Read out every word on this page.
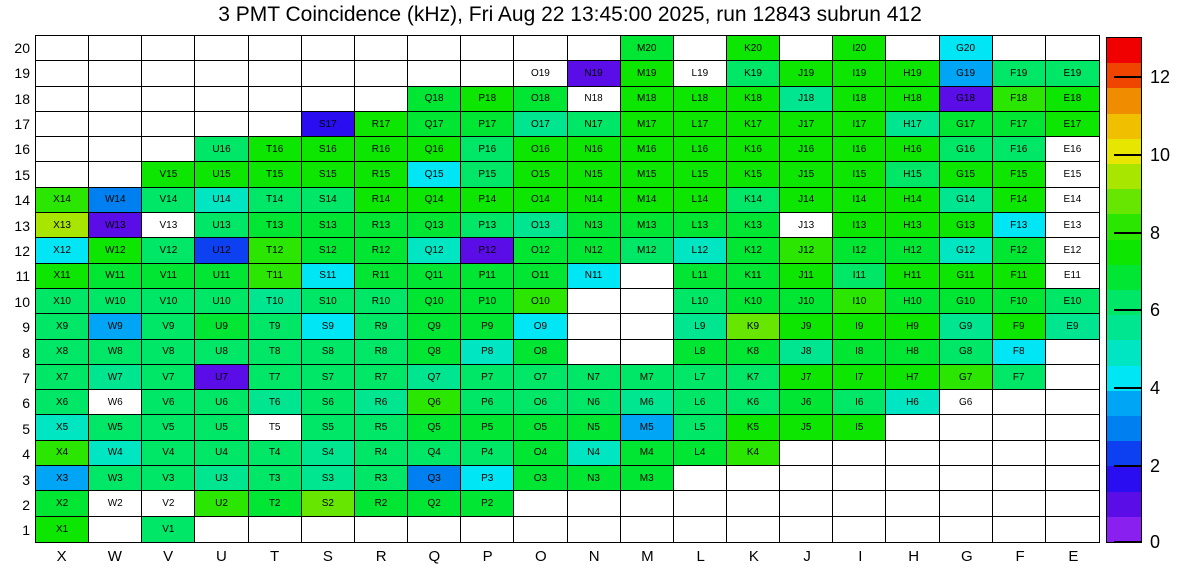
3 PMT Coincidence (kHz), Fri Aug 22 13:45:00 2025, run 12843 subrun 412
M20	K20	I20	G20
O19	N19	M19	L19	K19	J19	I19	H19	G19	F19	E19
Q18	P18	O18	N18	M18	L18	K18	J18	I18	H18	G18	F18	E18
S17	R17	Q17	P17	O17	N17	M17	L17	K17	J17	I17	H17	G17	F17	E17
U16	T16	S16	R16	Q16	P16	O16	N16	M16	L16	K16	J16	I16	H16	G16	F16	E16
V15	U15	T15	S15	R15	Q15	P15	O15	N15	M15	L15	K15	J15	I15	H15	G15	F15	E15
X14	W14	V14	U14	T14	S14	R14	Q14	P14	O14	N14	M14	L14	K14	J14	I14	H14	G14	F14	E14
X13	W13	V13	U13	T13	S13	R13	Q13	P13	O13	N13	M13	L13	K13	J13	I13	H13	G13	F13	E13
X12	W12	V12	U12	T12	S12	R12	Q12	P12	O12	N12	M12	L12	K12	J12	I12	H12	G12	F12	E12
X11	W11	V11	U11	T11	S11	R11	Q11	P11	O11	N11	L11	K11	J11	I11	H11	G11	F11	E11
X10	W10	V10	U10	T10	S10	R10	Q10	P10	O10	L10	K10	J10	I10	H10	G10	F10	E10
X9	W9	V9	U9	T9	S9	R9	Q9	P9	O9	L9	K9	J9	I9	H9	G9	F9	E9
X8	W8	V8	U8	T8	S8	R8	Q8	P8	O8	L8	K8	J8	I8	H8	G8	F8
X7	W7	V7	U7	T7	S7	R7	Q7	P7	O7	N7	M7	L7	K7	J7	I7	H7	G7	F7
X6	W6	V6	U6	T6	S6	R6	Q6	P6	O6	N6	M6	L6	K6	J6	I6	H6	G6
X5	W5	V5	U5	T5	S5	R5	Q5	P5	O5	N5	M5	L5	K5	J5	I5
X4	W4	V4	U4	T4	S4	R4	Q4	P4	O4	N4	M4	L4	K4
X3	W3	V3	U3	T3	S3	R3	Q3	P3	O3	N3	M3
X2	W2	V2	U2	T2	S2	R2	Q2	P2
X1	V1
20
19
18
17
16
15
14
13
12
11
10
9
8
7
6
5
4
3
2
1
X	W	V	U	T	S	R	Q	P	O	N	M	L	K	J	I	H	G	F	E
0
2
4
6
8
10
12
